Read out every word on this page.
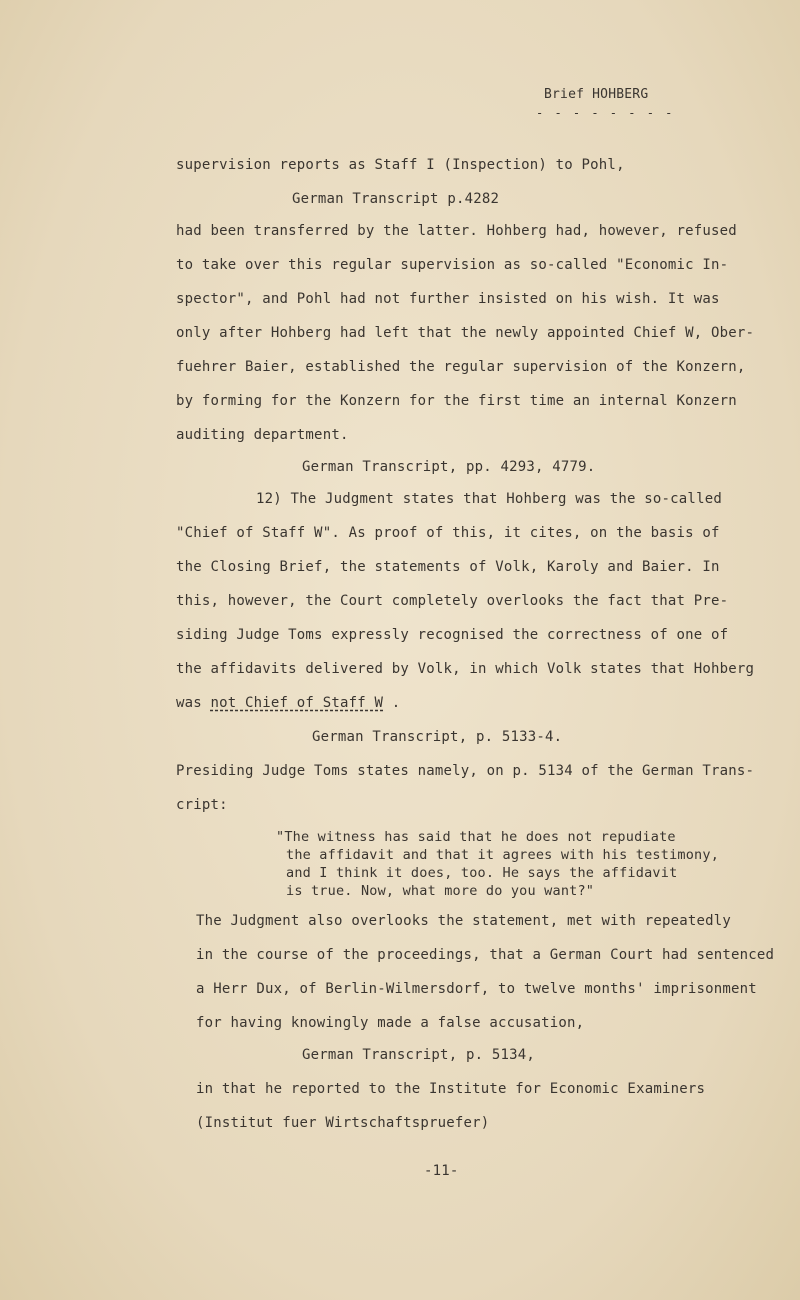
Brief HOHBERG
- - - - - - - -
supervision reports as Staff I (Inspection) to Pohl,
German Transcript p.4282
had been transferred by the latter. Hohberg had, however, refused
to take over this regular supervision as so-called "Economic In-
spector", and Pohl had not further insisted on his wish. It was
only after Hohberg had left that the newly appointed Chief W, Ober-
fuehrer Baier, established the regular supervision of the Konzern,
by forming for the Konzern for the first time an internal Konzern
auditing department.
German Transcript, pp. 4293, 4779.
12) The Judgment states that Hohberg was the so-called
"Chief of Staff W". As proof of this, it cites, on the basis of
the Closing Brief, the statements of Volk, Karoly and Baier. In
this, however, the Court completely overlooks the fact that Pre-
siding Judge Toms expressly recognised the correctness of one of
the affidavits delivered by Volk, in which Volk states that Hohberg
was not Chief of Staff W .
German Transcript, p. 5133-4.
Presiding Judge Toms states namely, on p. 5134 of the German Trans-
cript:
"The witness has said that he does not repudiate
the affidavit and that it agrees with his testimony,
and I think it does, too. He says the affidavit
is true. Now, what more do you want?"
The Judgment also overlooks the statement, met with repeatedly
in the course of the proceedings, that a German Court had sentenced
a Herr Dux, of Berlin-Wilmersdorf, to twelve months' imprisonment
for having knowingly made a false accusation,
German Transcript, p. 5134,
in that he reported to the Institute for Economic Examiners
(Institut fuer Wirtschaftspruefer)
-11-
